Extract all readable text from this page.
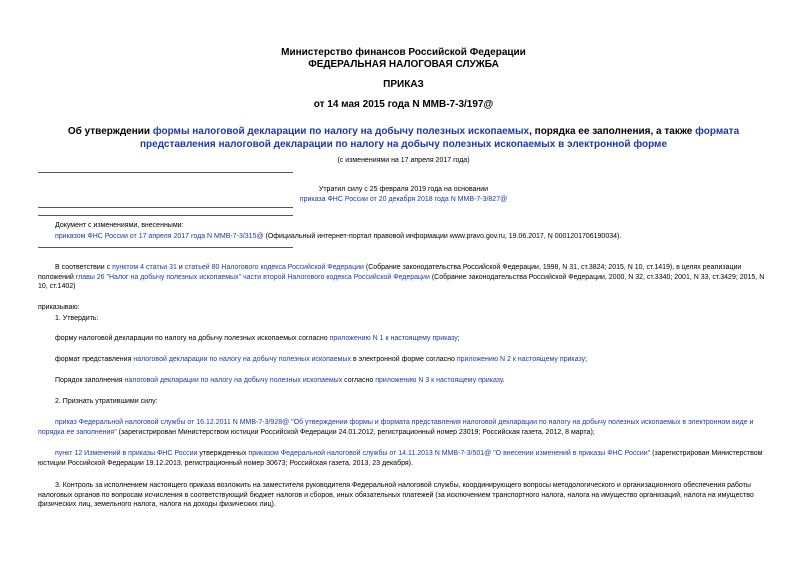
Министерство финансов Российской Федерации
ФЕДЕРАЛЬНАЯ НАЛОГОВАЯ СЛУЖБА
ПРИКАЗ
от 14 мая 2015 года N ММВ-7-3/197@
Об утверждении формы налоговой декларации по налогу на добычу полезных ископаемых, порядка ее заполнения, а также формата представления налоговой декларации по налогу на добычу полезных ископаемых в электронной форме
(с изменениями на 17 апреля 2017 года)
Утратил силу с 25 февраля 2019 года на основании
приказа ФНС России от 20 декабря 2018 года N ММВ-7-3/827@
Документ с изменениями, внесенными:
приказом ФНС России от 17 апреля 2017 года N ММВ-7-3/315@ (Официальный интернет-портал правовой информации www.pravo.gov.ru, 19.06.2017, N 0001201706190034).
В соответствии с пунктом 4 статьи 31 и статьей 80 Налогового кодекса Российской Федерации (Собрание законодательства Российской Федерации, 1998, N 31, ст.3824; 2015, N 10, ст.1419), в целях реализации положений главы 26 "Налог на добычу полезных ископаемых" части второй Налогового кодекса Российской Федерации (Собрание законодательства Российской Федерации, 2000, N 32, ст.3340; 2001, N 33, ст.3429; 2015, N 10, ст.1402)
приказываю:
1. Утвердить:
форму налоговой декларации по налогу на добычу полезных ископаемых согласно приложению N 1 к настоящему приказу;
формат представления налоговой декларации по налогу на добычу полезных ископаемых в электронной форме согласно приложению N 2 к настоящему приказу;
Порядок заполнения налоговой декларации по налогу на добычу полезных ископаемых согласно приложению N 3 к настоящему приказу.
2. Признать утратившими силу:
приказ Федеральной налоговой службы от 16.12.2011 N ММВ-7-3/928@ "Об утверждении формы и формата представления налоговой декларации по налогу на добычу полезных ископаемых в электронном виде и порядка ее заполнения" (зарегистрирован Министерством юстиции Российской Федерации 24.01.2012, регистрационный номер 23019; Российская газета, 2012, 8 марта);
пункт 12 Изменений в приказы ФНС России утвержденных приказом Федеральной налоговой службы от 14.11.2013 N ММВ-7-3/501@ "О внесении изменений в приказы ФНС России" (зарегистрирован Министерством юстиции Российской Федерации 19.12.2013, регистрационный номер 30673; Российская газета, 2013, 23 декабря).
3. Контроль за исполнением настоящего приказа возложить на заместителя руководителя Федеральной налоговой службы, координирующего вопросы методологического и организационного обеспечения работы налоговых органов по вопросам исчисления в соответствующий бюджет налогов и сборов, иных обязательных платежей (за исключением транспортного налога, налога на имущество организаций, налога на имущество физических лиц, земельного налога, налога на доходы физических лиц).
